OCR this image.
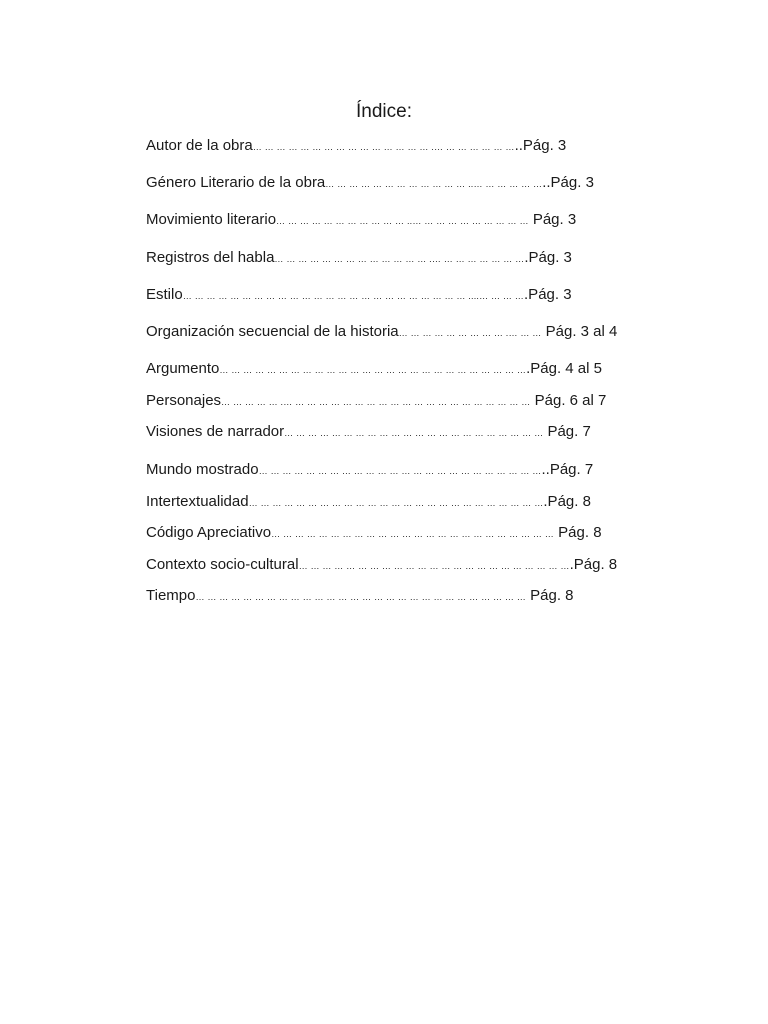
Índice:
Autor de la obra… … … … … … … … … … … … … … … .… … … … … … …..Pág. 3
Género Literario de la obra… … … … … … … … … … … … ..… … … … … …..Pág. 3
Movimiento literario… … … … … … … … … … … ..… … … … … … … … … … Pág. 3
Registros del habla… … … … … … … … … … … … … .… … … … … … … ….Pág. 3
Estilo… … … … … … … … … … … … … … … … … … … … … … … … ....… … … ….Pág. 3
Organización secuencial de la historia… … … … … … … … … .… … … Pág. 3 al 4
Argumento… … … … … … … … … … … … … … … … … … … … … … … … … ….Pág. 4 al 5
Personajes… … … … … .… … … … … … … … … … … … … … … … … … … … … Pág. 6 al 7
Visiones de narrador… … … … … … … … … … … … … … … … … … … … … … Pág. 7
Mundo mostrado… … … … … … … … … … … … … … … … … … … … … … … …..Pág. 7
Intertextualidad… … … … … … … … … … … … … … … … … … … … … … … … ….Pág. 8
Código Apreciativo… … … … … … … … … … … … … … … … … … … … … … … … Pág. 8
Contexto socio-cultural… … … … … … … … … … … … … … … … … … … … … … ….Pág. 8
Tiempo… … … … … … … … … … … … … … … … … … … … … … … … … … … … Pág. 8
